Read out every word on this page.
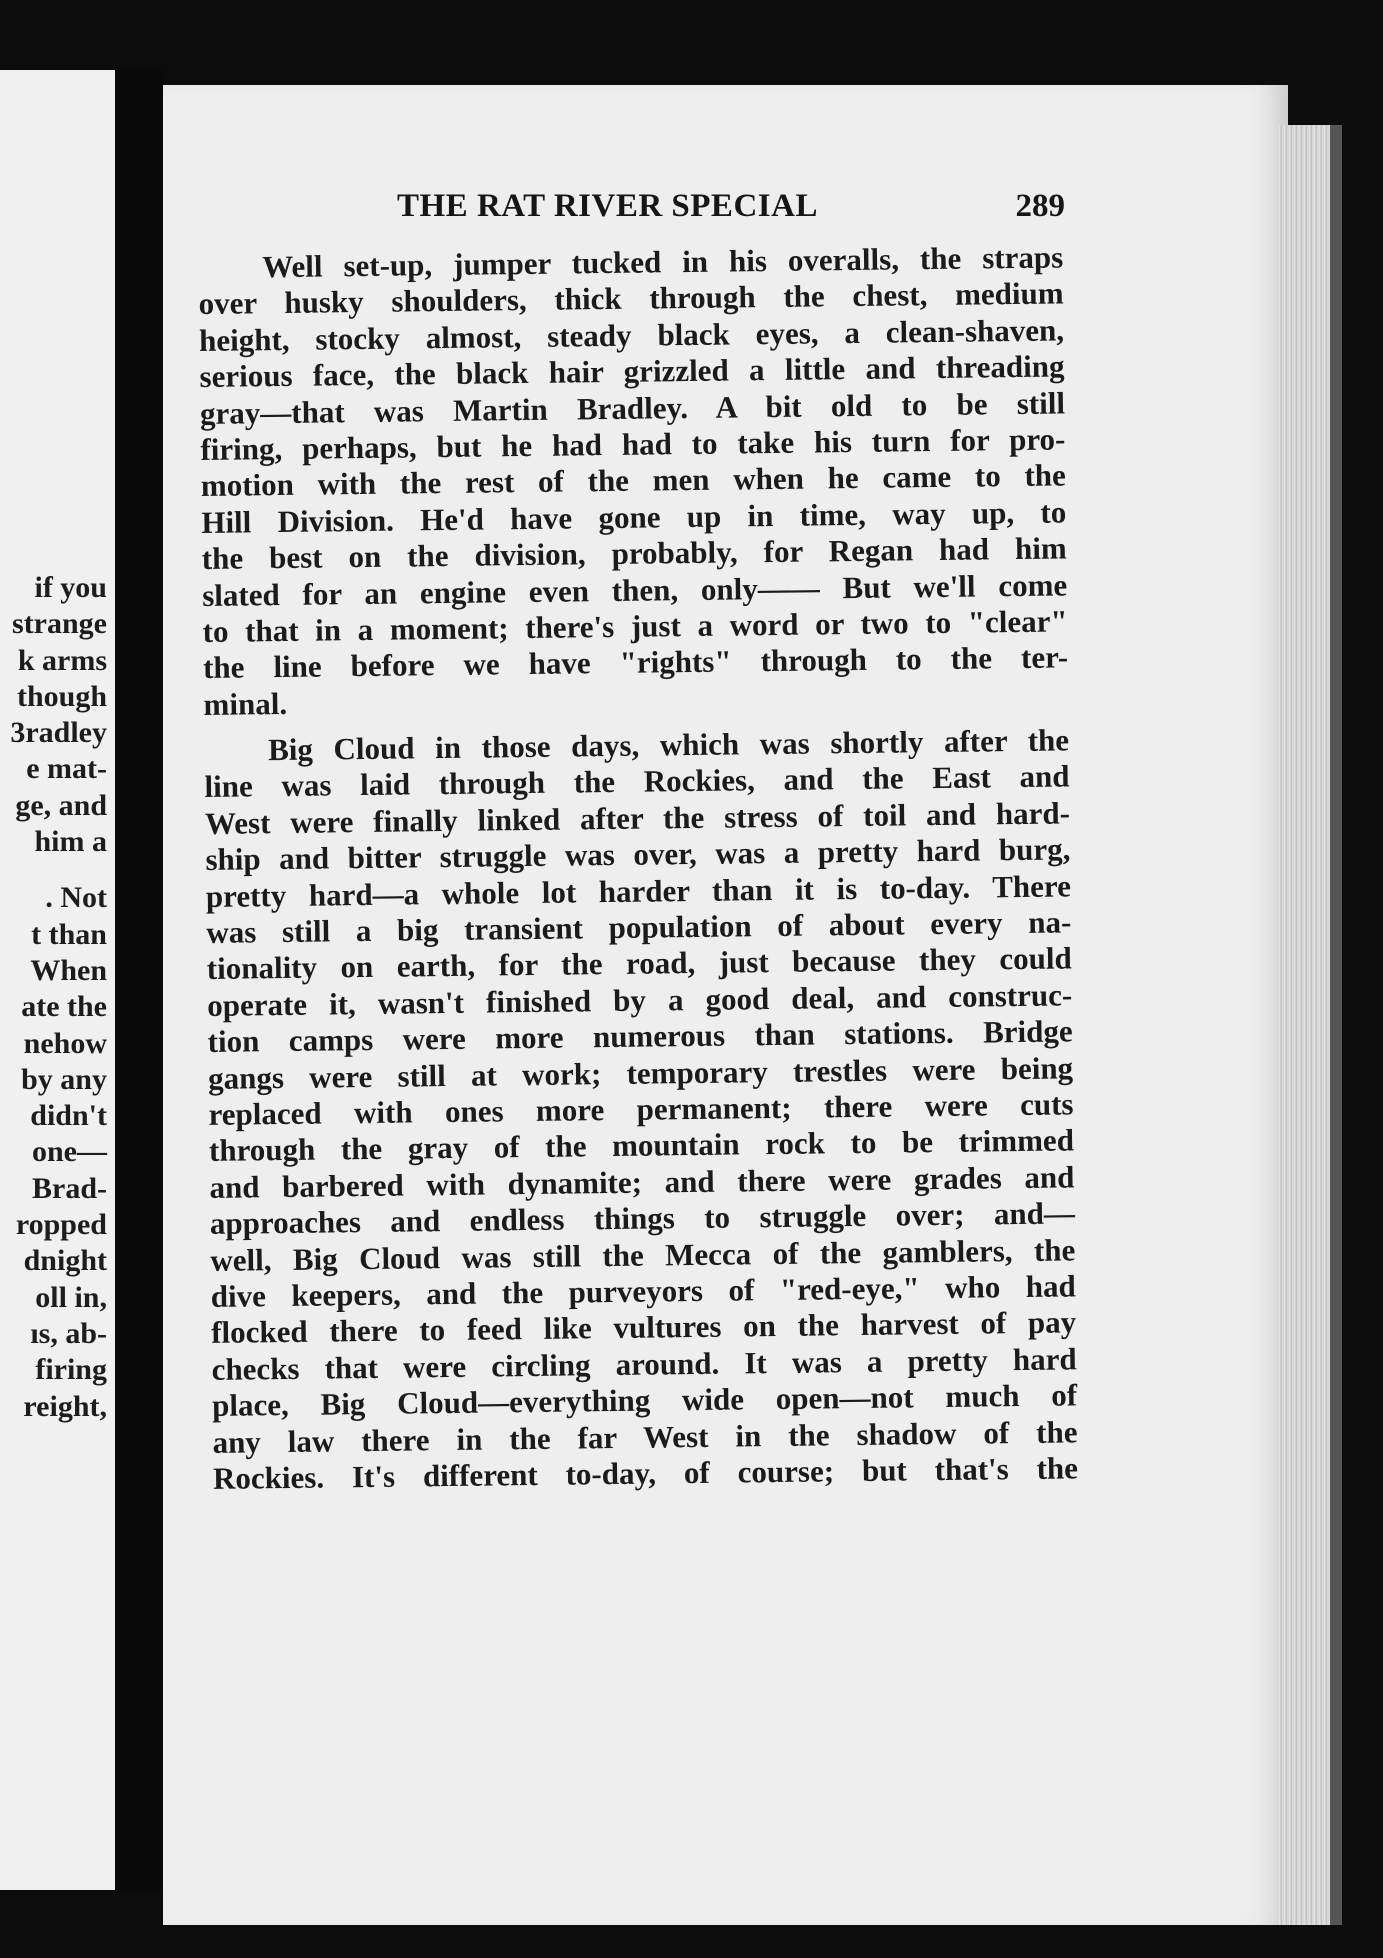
if you
strange
k arms
though
3radley
e mat-
ge, and
him a
. Not
t than
When
ate the
nehow
by any
didn't
one—
Brad-
ropped
dnight
oll in,
ıs, ab-
firing
reight,
THE RAT RIVER SPECIAL	289
Well set-up, jumper tucked in his overalls, the straps
over husky shoulders, thick through the chest, medium
height, stocky almost, steady black eyes, a clean-shaven,
serious face, the black hair grizzled a little and threading
gray—that was Martin Bradley. A bit old to be still
firing, perhaps, but he had had to take his turn for pro-
motion with the rest of the men when he came to the
Hill Division. He'd have gone up in time, way up, to
the best on the division, probably, for Regan had him
slated for an engine even then, only—— But we'll come
to that in a moment; there's just a word or two to "clear"
the line before we have "rights" through to the ter-
minal.
Big Cloud in those days, which was shortly after the
line was laid through the Rockies, and the East and
West were finally linked after the stress of toil and hard-
ship and bitter struggle was over, was a pretty hard burg,
pretty hard—a whole lot harder than it is to-day. There
was still a big transient population of about every na-
tionality on earth, for the road, just because they could
operate it, wasn't finished by a good deal, and construc-
tion camps were more numerous than stations. Bridge
gangs were still at work; temporary trestles were being
replaced with ones more permanent; there were cuts
through the gray of the mountain rock to be trimmed
and barbered with dynamite; and there were grades and
approaches and endless things to struggle over; and—
well, Big Cloud was still the Mecca of the gamblers, the
dive keepers, and the purveyors of "red-eye," who had
flocked there to feed like vultures on the harvest of pay
checks that were circling around. It was a pretty hard
place, Big Cloud—everything wide open—not much of
any law there in the far West in the shadow of the
Rockies. It's different to-day, of course; but that's the
